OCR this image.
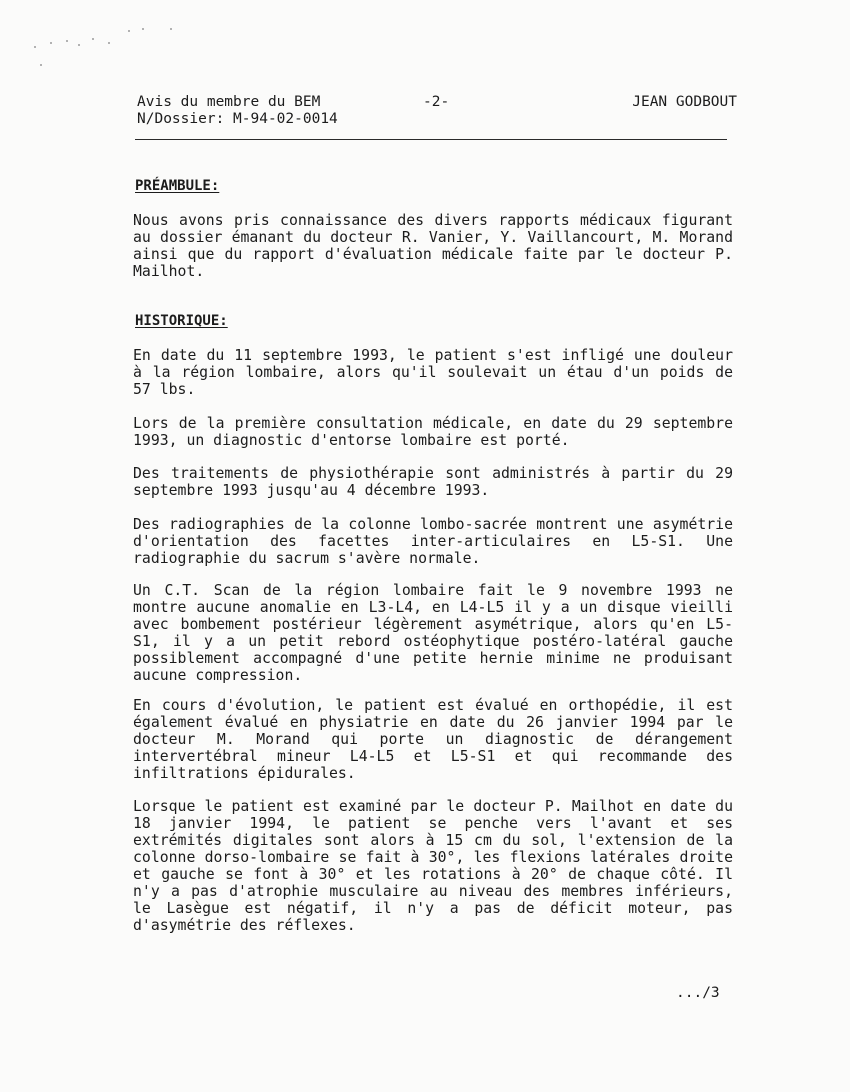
Avis du membre du BEM
N/Dossier: M-94-02-0014
-2-	JEAN GODBOUT
PRÉAMBULE:
Nous avons pris connaissance des divers rapports médicaux figurant au dossier émanant du docteur R. Vanier, Y. Vaillancourt, M. Morand ainsi que du rapport d'évaluation médicale faite par le docteur P. Mailhot.
HISTORIQUE:
En date du 11 septembre 1993, le patient s'est infligé une douleur à la région lombaire, alors qu'il soulevait un étau d'un poids de 57 lbs.
Lors de la première consultation médicale, en date du 29 septembre 1993, un diagnostic d'entorse lombaire est porté.
Des traitements de physiothérapie sont administrés à partir du 29 septembre 1993 jusqu'au 4 décembre 1993.
Des radiographies de la colonne lombo-sacrée montrent une asymétrie d'orientation des facettes inter-articulaires en L5-S1. Une radiographie du sacrum s'avère normale.
Un C.T. Scan de la région lombaire fait le 9 novembre 1993 ne montre aucune anomalie en L3-L4, en L4-L5 il y a un disque vieilli avec bombement postérieur légèrement asymétrique, alors qu'en L5-S1, il y a un petit rebord ostéophytique postéro-latéral gauche possiblement accompagné d'une petite hernie minime ne produisant aucune compression.
En cours d'évolution, le patient est évalué en orthopédie, il est également évalué en physiatrie en date du 26 janvier 1994 par le docteur M. Morand qui porte un diagnostic de dérangement intervertébral mineur L4-L5 et L5-S1 et qui recommande des infiltrations épidurales.
Lorsque le patient est examiné par le docteur P. Mailhot en date du 18 janvier 1994, le patient se penche vers l'avant et ses extrémités digitales sont alors à 15 cm du sol, l'extension de la colonne dorso-lombaire se fait à 30°, les flexions latérales droite et gauche se font à 30° et les rotations à 20° de chaque côté. Il n'y a pas d'atrophie musculaire au niveau des membres inférieurs, le Lasègue est négatif, il n'y a pas de déficit moteur, pas d'asymétrie des réflexes.
.../3
